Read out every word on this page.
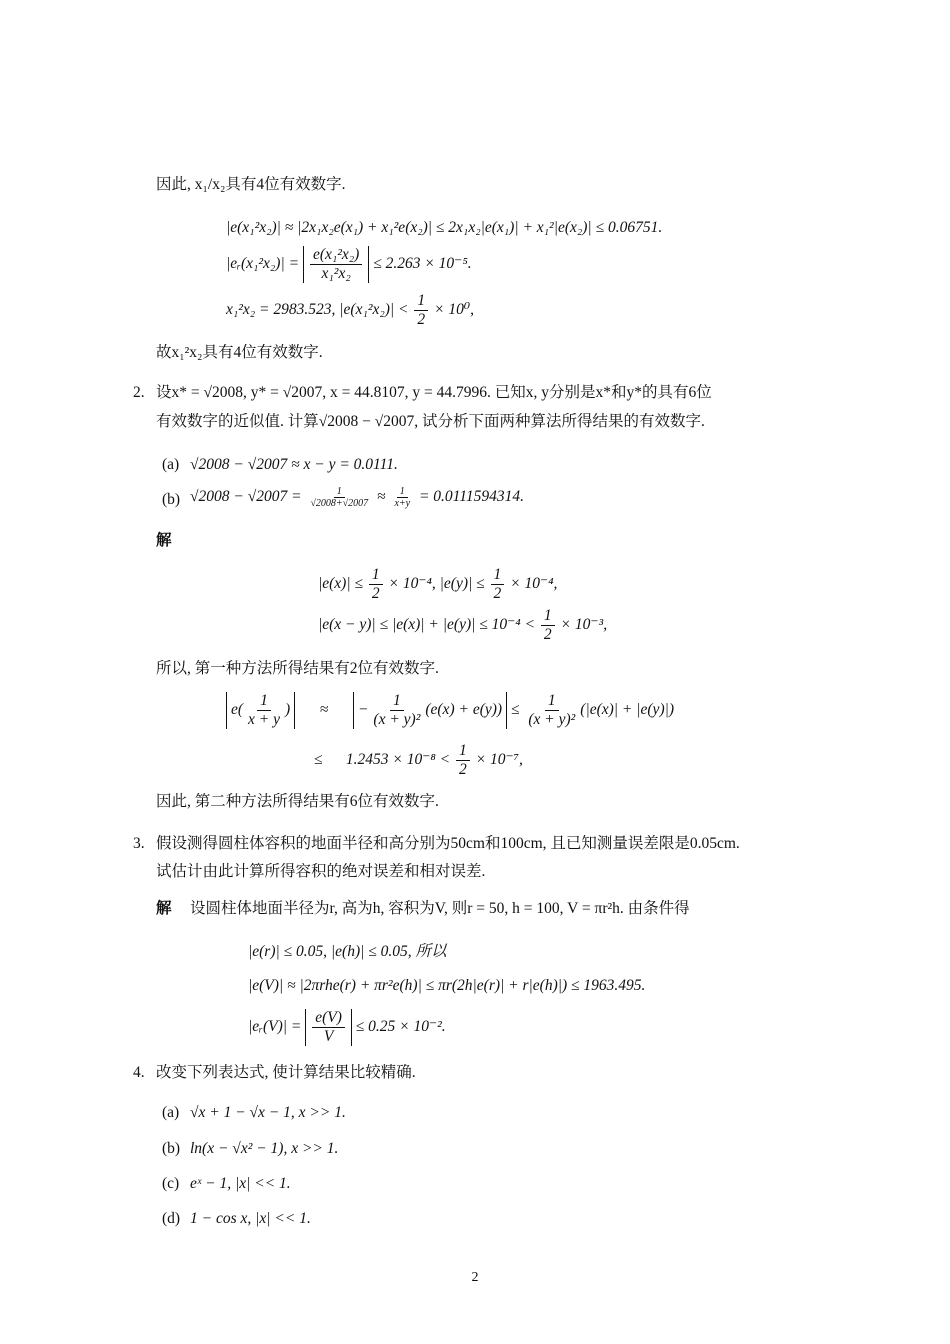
因此, x₁/x₂具有4位有效数字.
|e(x₁²x₂)| ≈ |2x₁x₂e(x₁) + x₁²e(x₂)| ≤ 2x₁x₂|e(x₁)| + x₁²|e(x₂)| ≤ 0.06751.
|eᵣ(x₁²x₂)| = $\frac{\text{e(x₁²x₂)}}{\text{x₁²x₂}} \le 2.263 \times 10^{-5}$.
x₁²x₂ = 2983.523, $|e(x_1^2x_2)| < \frac{1}{2} \times 10^0$,
故x₁²x₂具有4位有效数字.
2. 设x* = √2008, y* = √2007, x = 44.8107, y = 44.7996. 已知x, y分别是x*和y*的具有6位
有效数字的近似值. 计算√2008 − √2007, 试分析下面两种算法所得结果的有效数字.
(a) √2008 − √2007 ≈ x − y = 0.0111.
(b) $√2008 - √2007 = \frac{1}{√2008+√2007} \approx \frac{1}{x+y} = 0.0111594314$.
解
$|e(x)| \le \frac{1}{2} \times 10^{-4}$, $|e(y)| \le \frac{1}{2} \times 10^{-4}$,
$|e(x - y)| \le |e(x)| + |e(y)| \le 10^{-4} < \frac{1}{2} \times 10^{-3}$,
所以, 第一种方法所得结果有2位有效数字.
$e( \frac{1}{x + y}$ ) ≈ − $\frac{1}{\text{(x + y)²}} (e(x) + e(y)) \le \frac{1}{\text{(x + y)²}} (|e(x)| + |e(y)|)$
≤ $1.2453 \times 10^{-8} < \frac{1}{2} \times 10^{-7}$,
因此, 第二种方法所得结果有6位有效数字.
3. 假设测得圆柱体容积的地面半径和高分别为50cm和100cm, 且已知测量误差限是0.05cm.
试估计由此计算所得容积的绝对误差和相对误差.
解 设圆柱体地面半径为r, 高为h, 容积为V, 则r = 50, h = 100, V = πr²h. 由条件得
|e(r)| ≤ 0.05, |e(h)| ≤ 0.05, 所以
|e(V)| ≈ |2πrhe(r) + πr²e(h)| ≤ πr(2h|e(r)| + r|e(h)|) ≤ 1963.495.
|eᵣ(V)| = $\frac{e(V)}{V} \le 0.25 \times 10^{-2}$.
4. 改变下列表达式, 使计算结果比较精确.
(a) √x + 1 − √x − 1, x >> 1.
(b) ln(x − √x² − 1), x >> 1.
(c) eˣ − 1, |x| << 1.
(d) 1 − cos x, |x| << 1.
2
